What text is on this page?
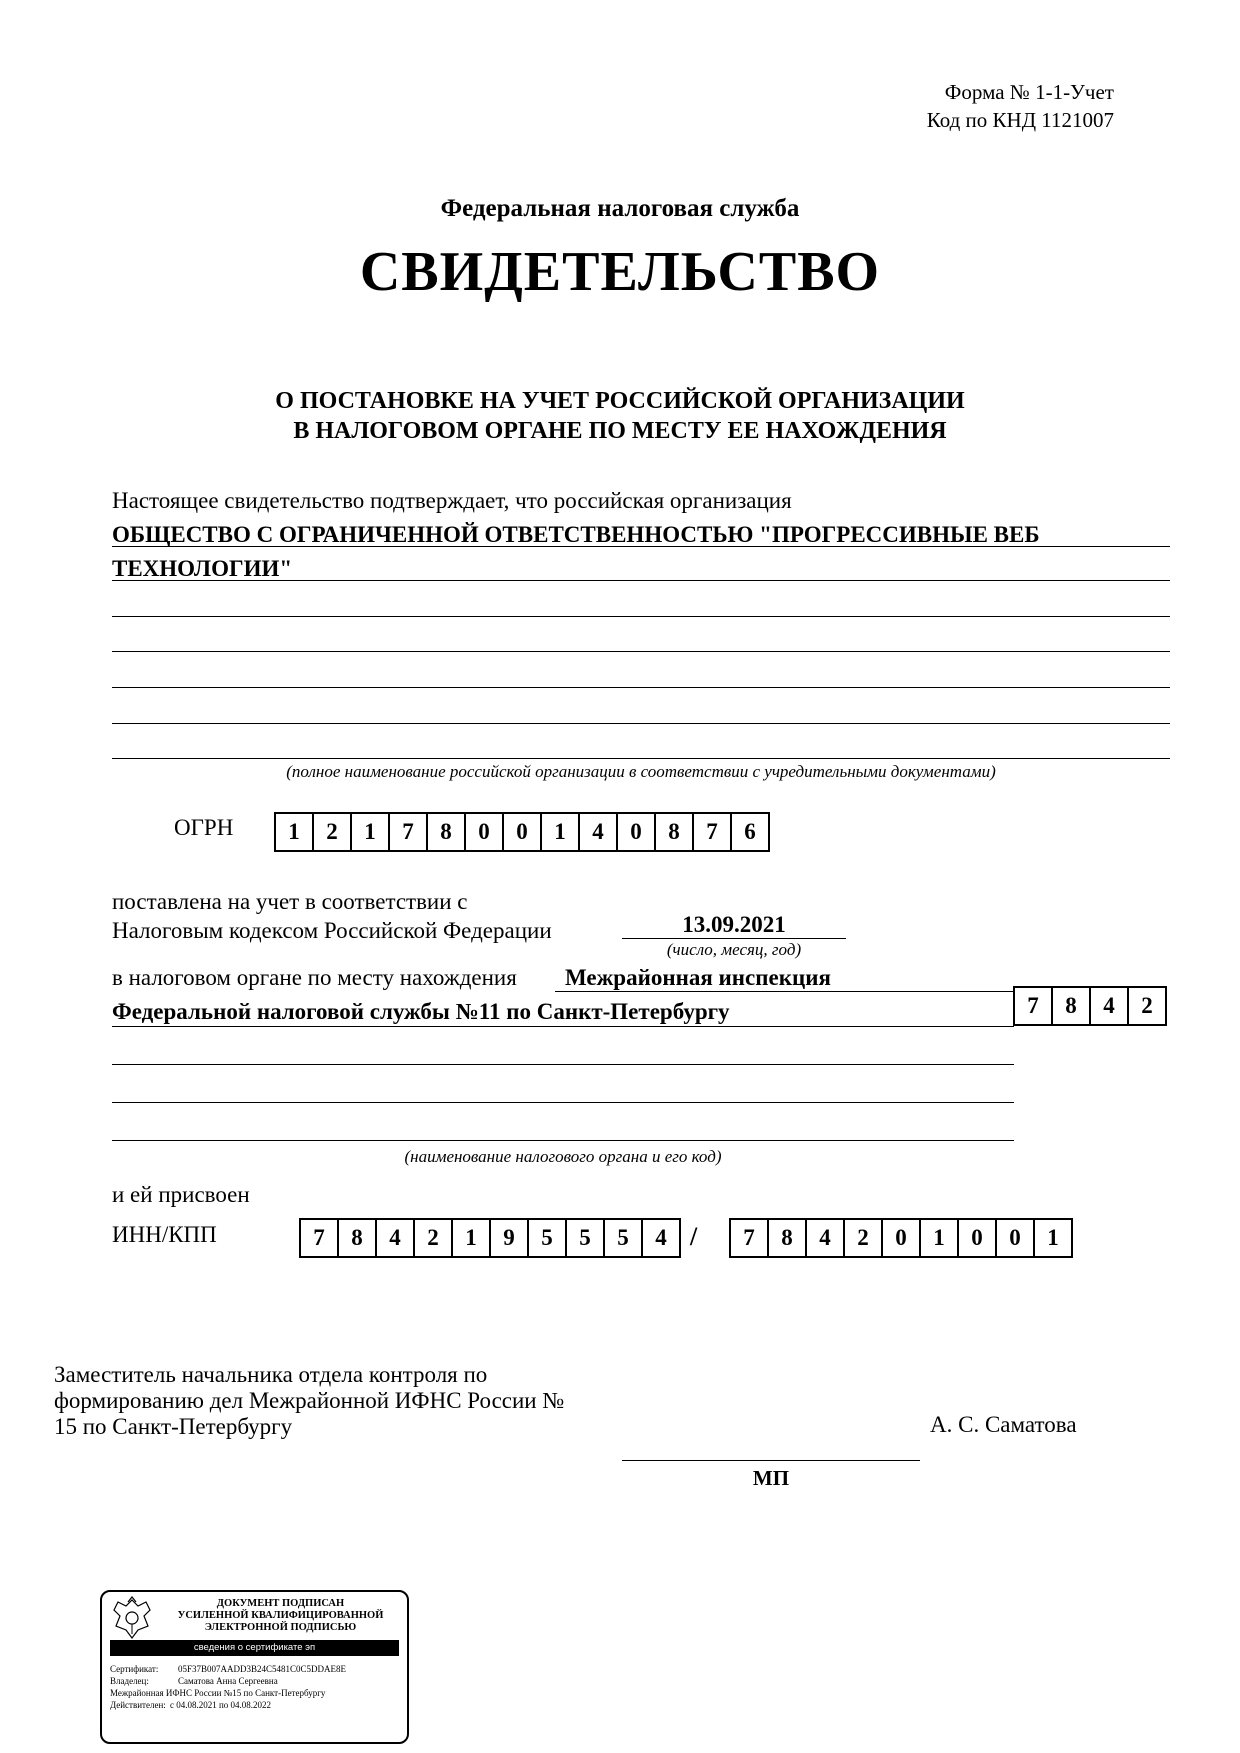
Форма № 1-1-Учет
Код по КНД 1121007
Федеральная налоговая служба
СВИДЕТЕЛЬСТВО
О ПОСТАНОВКЕ НА УЧЕТ РОССИЙСКОЙ ОРГАНИЗАЦИИ
В НАЛОГОВОМ ОРГАНЕ ПО МЕСТУ ЕЕ НАХОЖДЕНИЯ
Настоящее свидетельство подтверждает, что российская организация
ОБЩЕСТВО С ОГРАНИЧЕННОЙ ОТВЕТСТВЕННОСТЬЮ "ПРОГРЕССИВНЫЕ ВЕБ ТЕХНОЛОГИИ"
(полное наименование российской организации в соответствии с учредительными документами)
ОГРН	1	2	1	7	8	0	0	1	4	0	8	7	6
поставлена на учет в соответствии с
Налоговым кодексом Российской Федерации	13.09.2021
(число, месяц, год)
в налоговом органе по месту нахождения Межрайонная инспекция
Федеральной налоговой службы №11 по Санкт-Петербургу	7	8	4	2
(наименование налогового органа и его код)
и ей присвоен
ИНН/КПП	7	8	4	2	1	9	5	5	5	4 /	7	8	4	2	0	1	0	0	1
Заместитель начальника отдела контроля по
формированию дел Межрайонной ИФНС России №
15 по Санкт-Петербургу	А. С. Саматова
МП
ДОКУМЕНТ ПОДПИСАН
УСИЛЕННОЙ КВАЛИФИЦИРОВАННОЙ
ЭЛЕКТРОННОЙ ПОДПИСЬЮ
сведения о сертификате эп
Сертификат: 05F37B007AADD3B24C5481C0C5DDAE8E
Владелец:	Саматова Анна Сергеевна
Межрайонная ИФНС России №15 по Санкт-Петербургу
Действителен: с 04.08.2021 по 04.08.2022
